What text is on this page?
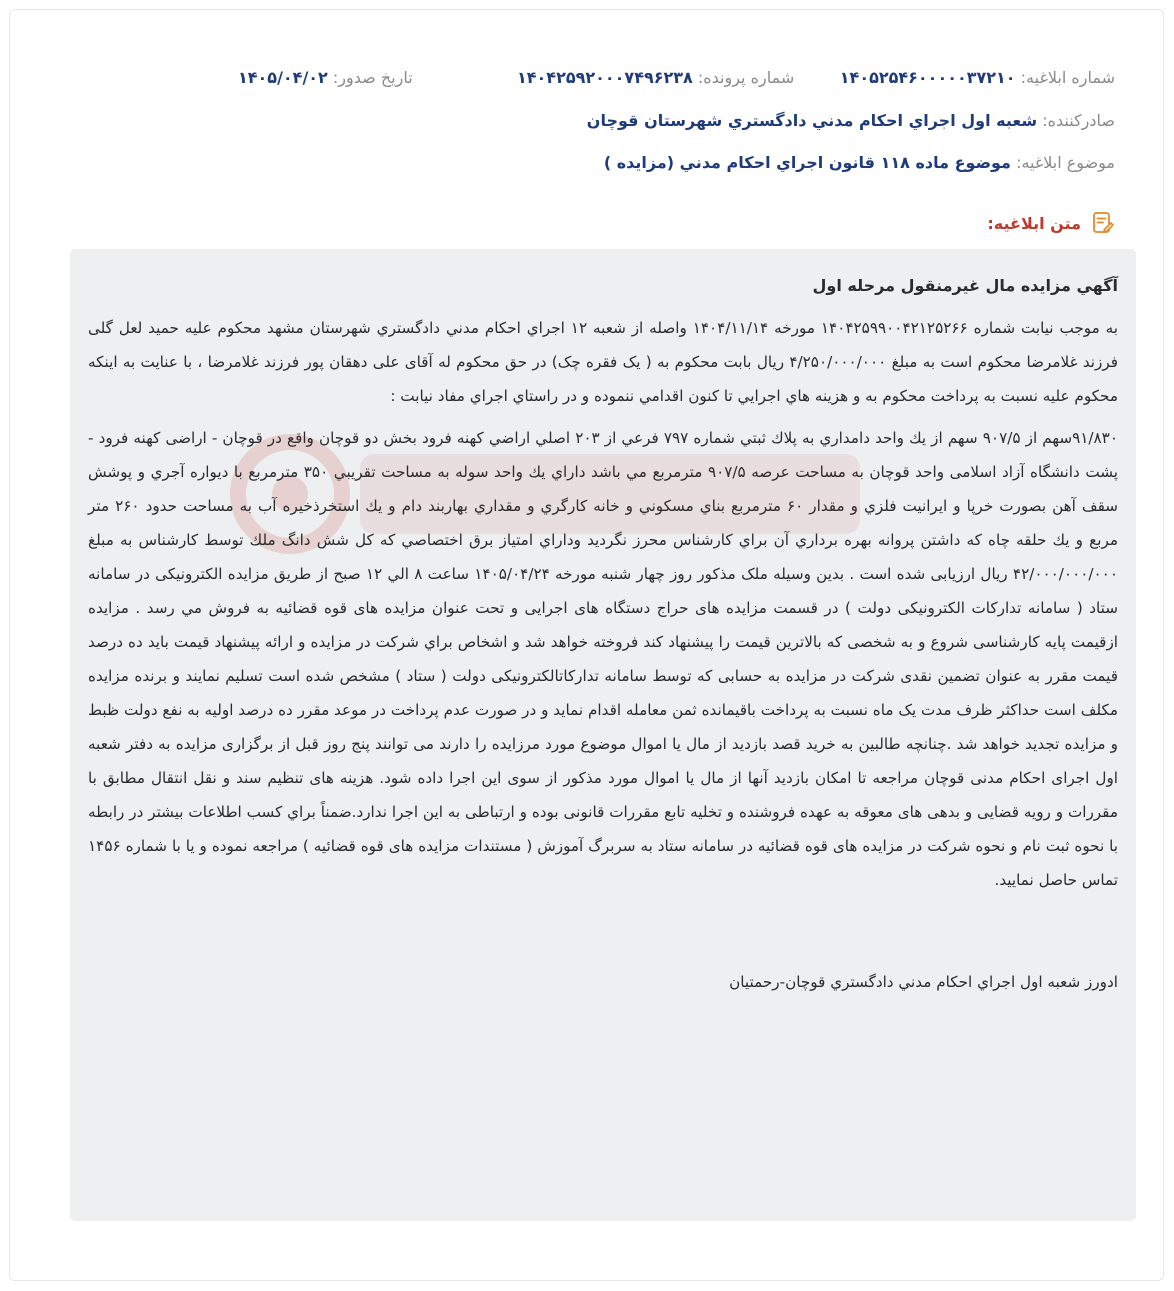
شماره ابلاغیه: ۱۴۰۵۲۵۴۶۰۰۰۰۰۳۷۲۱۰
شماره پرونده: ۱۴۰۴۲۵۹۲۰۰۰۷۴۹۶۲۳۸
تاریخ صدور: ۱۴۰۵/۰۴/۰۲
صادرکننده: شعبه اول اجراي احكام مدني دادگستري شهرستان قوچان
موضوع ابلاغیه: موضوع ماده ۱۱۸ قانون اجراي احكام مدني (مزايده )
متن ابلاغیه:

آگهي مزايده مال غيرمنقول مرحله اول

به موجب نيابت شماره ۱۴۰۴۲۵۹۹۰۰۴۲۱۲۵۲۶۶ مورخه ۱۴۰۴/۱۱/۱۴ واصله از شعبه ۱۲ اجراي احكام مدني دادگستري شهرستان مشهد محكوم عليه حميد لعل گلی فرزند غلامرضا محكوم است به مبلغ ۴/۲۵۰/۰۰۰/۰۰۰ ريال بابت محکوم به ( یک فقره چک) در حق محكوم له آقای علی دهقان پور فرزند غلامرضا ، با عنايت به اينكه محكوم عليه نسبت به پرداخت محكوم به و هزينه هاي اجرايي تا كنون اقدامي ننموده و در راستاي اجراي مفاد نيابت :

۹۱/۸۳۰سهم از ۹۰۷/۵ سهم از يك واحد دامداري به پلاك ثبتي شماره ۷۹۷ فرعي از ۲۰۳ اصلي اراضي كهنه فرود بخش دو قوچان واقع در قوچان - اراضی کهنه فرود - پشت دانشگاه آزاد اسلامی واحد قوچان به مساحت عرصه ۹۰۷/۵ مترمربع مي باشد داراي يك واحد سوله به مساحت تقريبي ۳۵۰ مترمربع با ديواره آجري و پوشش سقف آهن بصورت خرپا و ايرانيت فلزي و مقدار ۶۰ مترمربع بناي مسكوني و خانه كارگري و مقداري بهاربند دام و يك استخرذخيره آب به مساحت حدود ۲۶۰ متر مربع و يك حلقه چاه كه داشتن پروانه بهره برداري آن براي كارشناس محرز نگرديد وداراي امتياز برق اختصاصي كه كل شش دانگ ملك توسط كارشناس به مبلغ ۴۲/۰۰۰/۰۰۰/۰۰۰ ريال ارزيابی شده است . بدين وسيله ملک مذکور روز چهار شنبه مورخه ۱۴۰۵/۰۴/۲۴ ساعت ۸ الي ۱۲ صبح از طريق مزايده الكترونيكی در سامانه ستاد ( سامانه تداركات الكترونيكی دولت ) در قسمت مزايده های حراج دستگاه های اجرايی و تحت عنوان مزايده های قوه قضائيه به فروش مي رسد . مزايده ازقيمت پايه كارشناسی شروع و به شخصی كه بالاترين قيمت را پيشنهاد كند فروخته خواهد شد و اشخاص براي شركت در مزايده و ارائه پيشنهاد قيمت بايد ده درصد قيمت مقرر به عنوان تضمين نقدی شركت در مزايده به حسابی كه توسط سامانه تداركاتالكترونيكی دولت ( ستاد ) مشخص شده است تسليم نمايند و برنده مزايده مكلف است حداكثر ظرف مدت يک ماه نسبت به پرداخت باقيمانده ثمن معامله اقدام نمايد و در صورت عدم پرداخت در موعد مقرر ده درصد اوليه به نفع دولت ظبط و مزايده تجديد خواهد شد .چنانچه طالبين به خريد قصد بازديد از مال يا اموال موضوع مورد مرزايده را دارند مى توانند پنج روز قبل از برگزاری مزايده به دفتر شعبه اول اجرای احکام مدنی قوچان مراجعه تا امكان بازديد آنها از مال يا اموال مورد مذكور از سوى اين اجرا داده شود. هزينه های تنظيم سند و نقل انتقال مطابق با مقررات و رويه قضايی و بدهی های معوقه به عهده فروشنده و تخليه تابع مقررات قانونی بوده و ارتباطی به اين اجرا ندارد.ضمناً براي كسب اطلاعات بيشتر در رابطه با نحوه ثبت نام و نحوه شركت در مزايده های قوه قضائيه در سامانه ستاد به سربرگ آموزش ( مستندات مزايده های قوه قضائيه ) مراجعه نموده و يا با شماره ۱۴۵۶ تماس حاصل نماييد.

ادورز شعبه اول اجراي احكام مدني دادگستري قوچان-رحمتيان
